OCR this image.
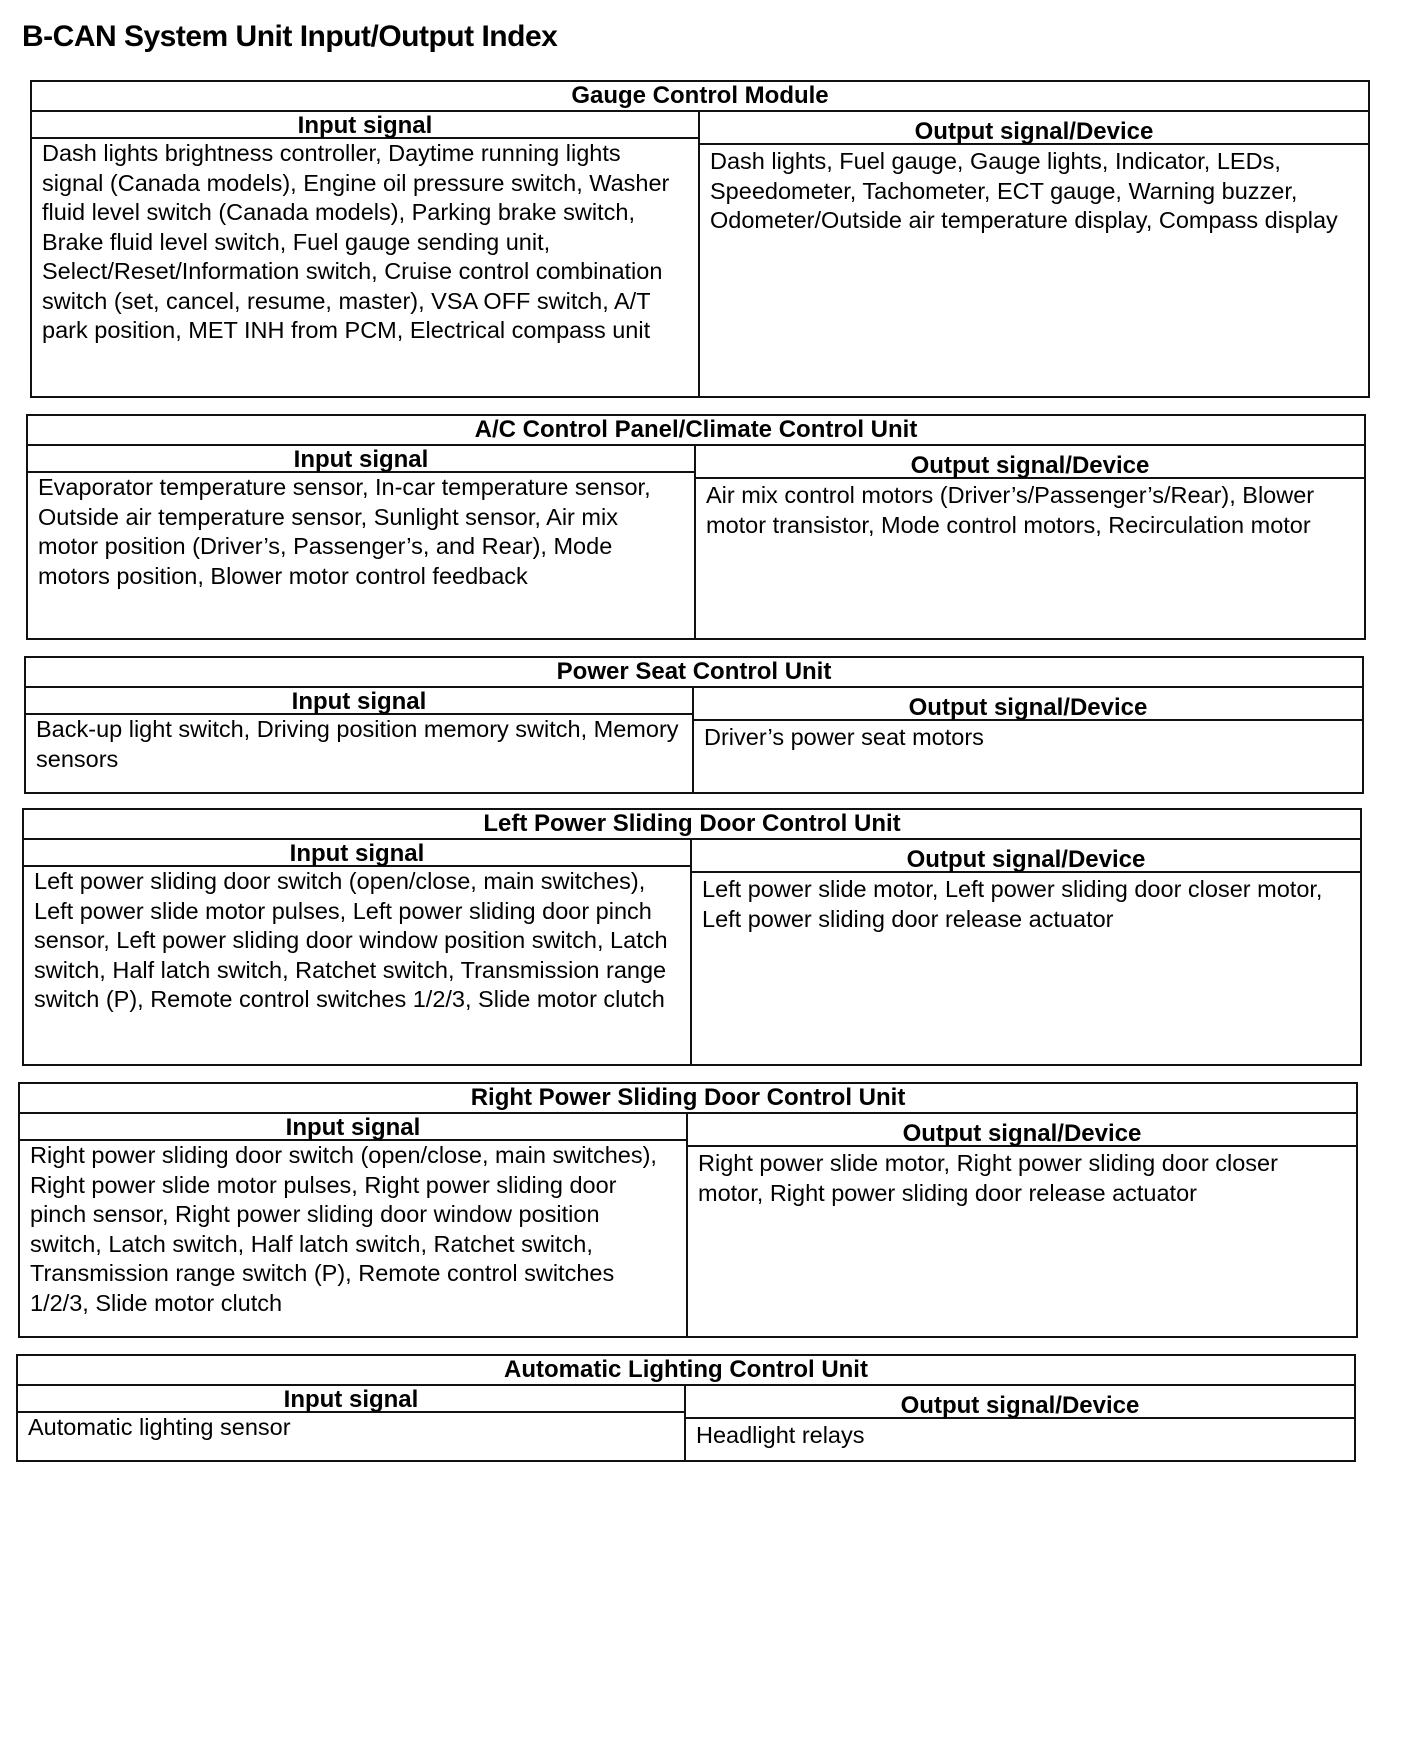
B-CAN System Unit Input/Output Index
Gauge Control Module
Input signal
Dash lights brightness controller, Daytime running lights signal (Canada models), Engine oil pressure switch, Washer fluid level switch (Canada models), Parking brake switch, Brake fluid level switch, Fuel gauge sending unit, Select/Reset/Information switch, Cruise control combination switch (set, cancel, resume, master), VSA OFF switch, A/T park position, MET INH from PCM, Electrical compass unit
Output signal/Device
Dash lights, Fuel gauge, Gauge lights, Indicator, LEDs, Speedometer, Tachometer, ECT gauge, Warning buzzer, Odometer/Outside air temperature display, Compass display
A/C Control Panel/Climate Control Unit
Input signal
Evaporator temperature sensor, In-car temperature sensor, Outside air temperature sensor, Sunlight sensor, Air mix motor position (Driver’s, Passenger’s, and Rear), Mode motors position, Blower motor control feedback
Output signal/Device
Air mix control motors (Driver’s/Passenger’s/Rear), Blower motor transistor, Mode control motors, Recirculation motor
Power Seat Control Unit
Input signal
Back-up light switch, Driving position memory switch, Memory sensors
Output signal/Device
Driver’s power seat motors
Left Power Sliding Door Control Unit
Input signal
Left power sliding door switch (open/close, main switches), Left power slide motor pulses, Left power sliding door pinch sensor, Left power sliding door window position switch, Latch switch, Half latch switch, Ratchet switch, Transmission range switch (P), Remote control switches 1/2/3, Slide motor clutch
Output signal/Device
Left power slide motor, Left power sliding door closer motor, Left power sliding door release actuator
Right Power Sliding Door Control Unit
Input signal
Right power sliding door switch (open/close, main switches), Right power slide motor pulses, Right power sliding door pinch sensor, Right power sliding door window position switch, Latch switch, Half latch switch, Ratchet switch, Transmission range switch (P), Remote control switches 1/2/3, Slide motor clutch
Output signal/Device
Right power slide motor, Right power sliding door closer motor, Right power sliding door release actuator
Automatic Lighting Control Unit
Input signal
Automatic lighting sensor
Output signal/Device
Headlight relays
